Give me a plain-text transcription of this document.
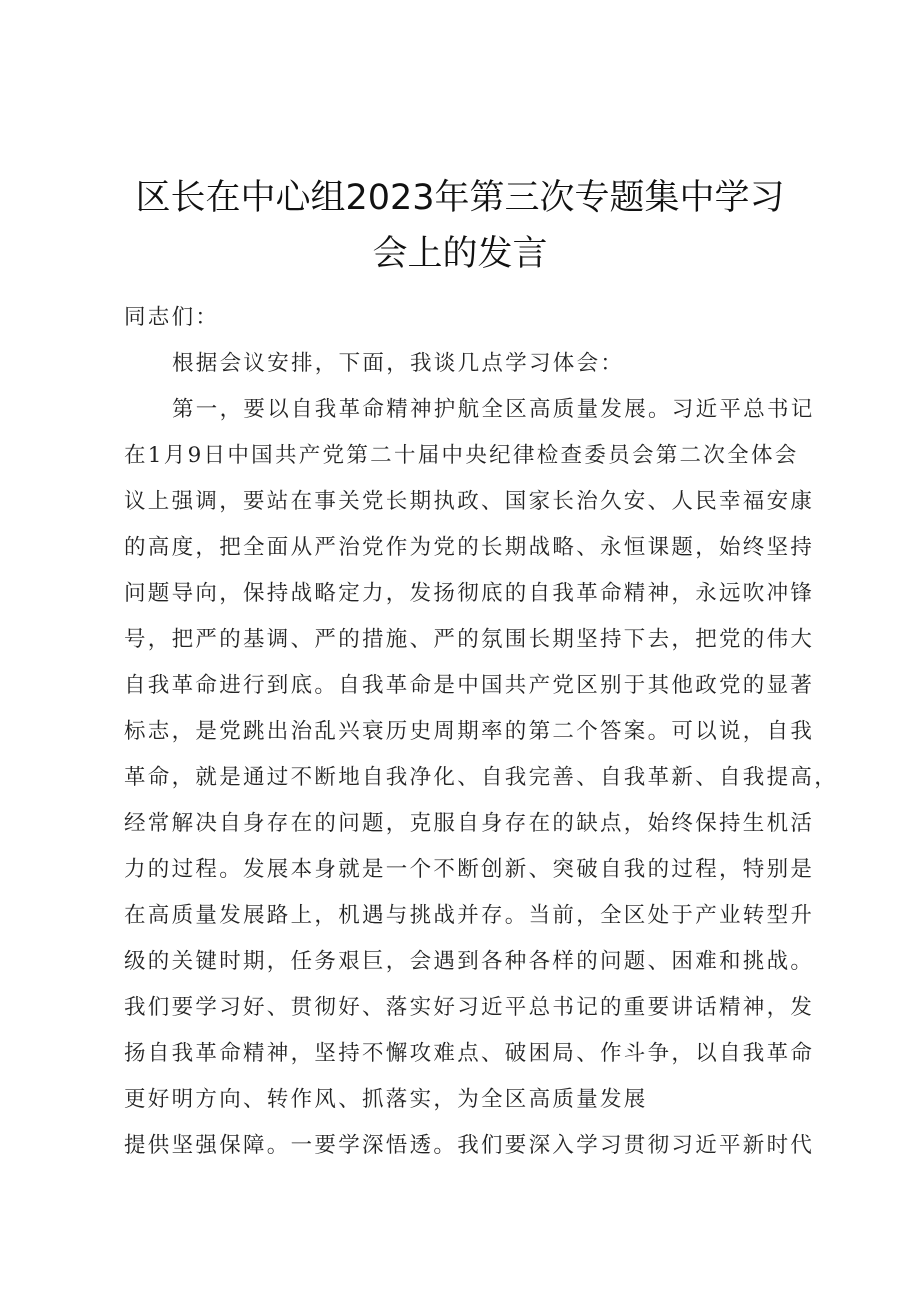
区长在中心组2023年第三次专题集中学习
会上的发言
同志们：
根据会议安排，下面，我谈几点学习体会：
第一，要以自我革命精神护航全区高质量发展。习近平总书记
在1月9日中国共产党第二十届中央纪律检查委员会第二次全体会
议上强调，要站在事关党长期执政、国家长治久安、人民幸福安康
的高度，把全面从严治党作为党的长期战略、永恒课题，始终坚持
问题导向，保持战略定力，发扬彻底的自我革命精神，永远吹冲锋
号，把严的基调、严的措施、严的氛围长期坚持下去，把党的伟大
自我革命进行到底。自我革命是中国共产党区别于其他政党的显著
标志，是党跳出治乱兴衰历史周期率的第二个答案。可以说，自我
革命，就是通过不断地自我净化、自我完善、自我革新、自我提高，
经常解决自身存在的问题，克服自身存在的缺点，始终保持生机活
力的过程。发展本身就是一个不断创新、突破自我的过程，特别是
在高质量发展路上，机遇与挑战并存。当前，全区处于产业转型升
级的关键时期，任务艰巨，会遇到各种各样的问题、困难和挑战。
我们要学习好、贯彻好、落实好习近平总书记的重要讲话精神，发
扬自我革命精神，坚持不懈攻难点、破困局、作斗争，以自我革命
更好明方向、转作风、抓落实，为全区高质量发展
提供坚强保障。一要学深悟透。我们要深入学习贯彻习近平新时代
